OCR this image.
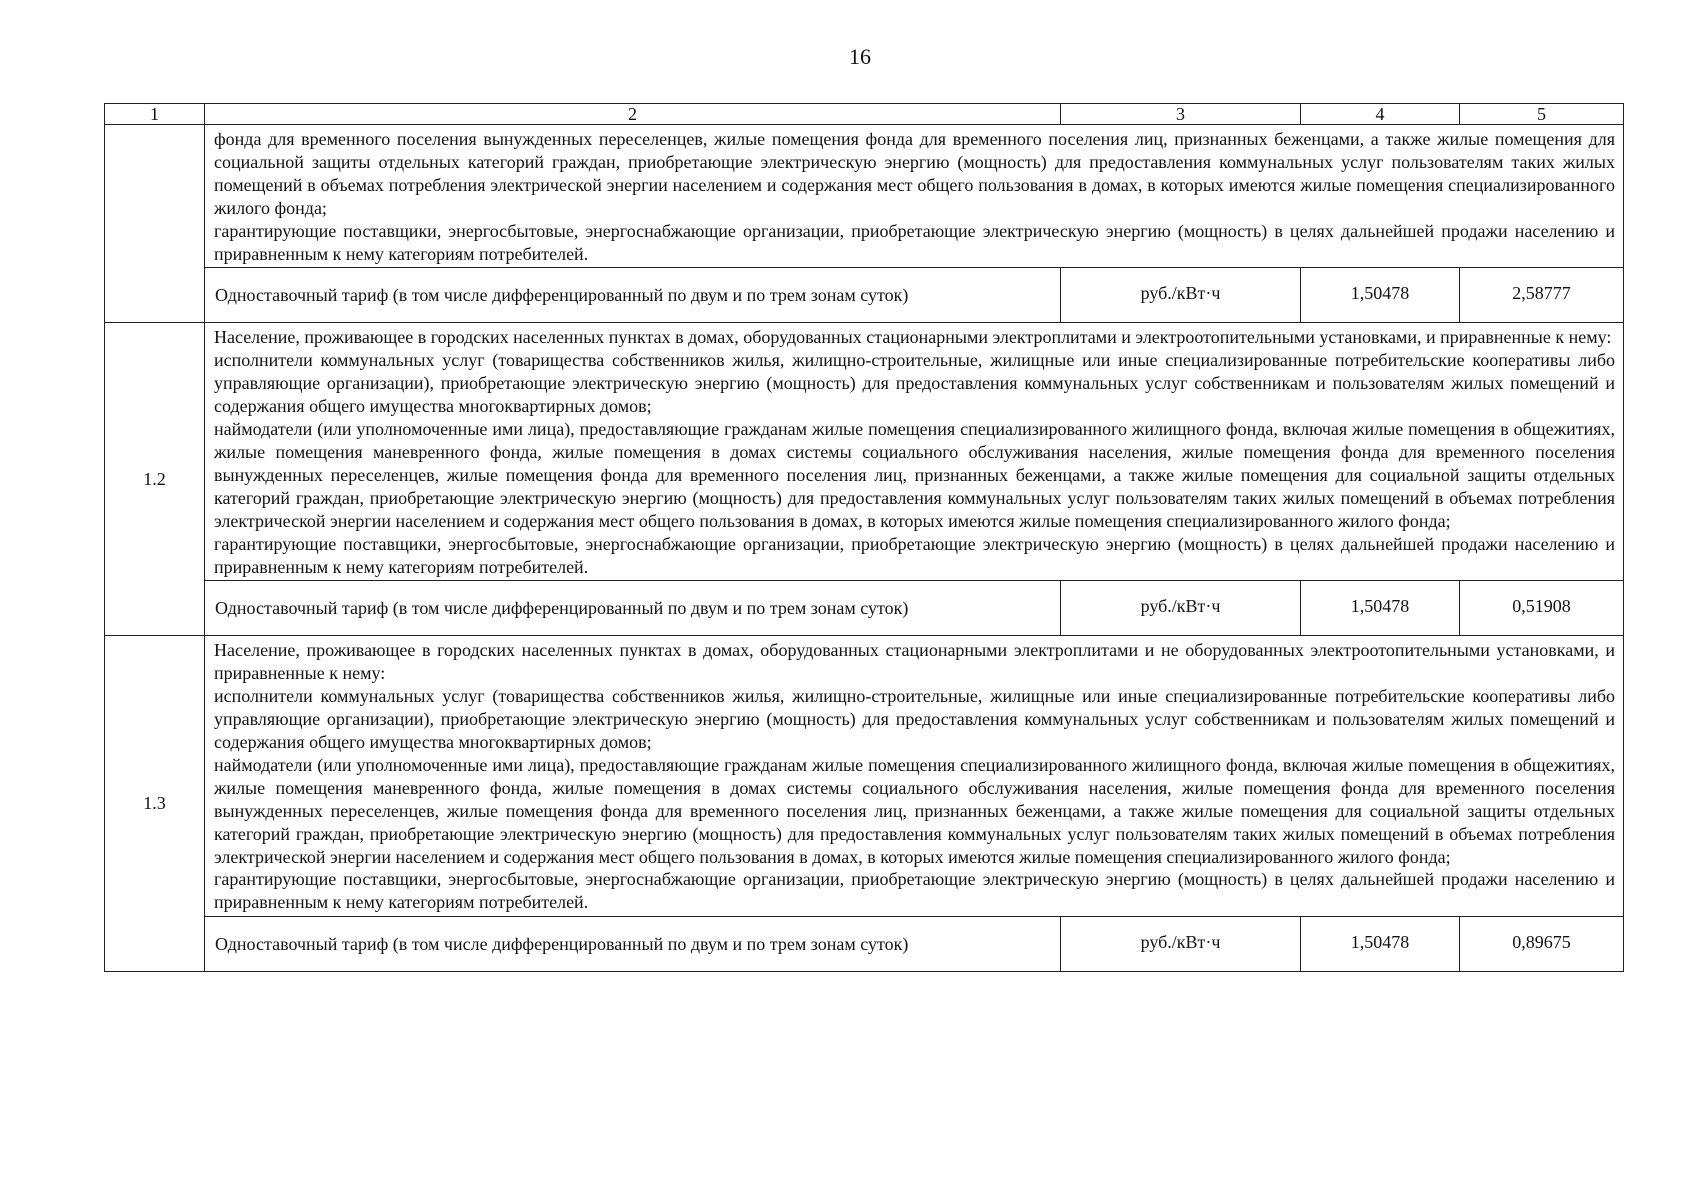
16
1	2	3	4	5

	фонда для временного поселения вынужденных переселенцев, жилые помещения фонда для временного поселения лиц, признанных беженцами, а также жилые помещения для социальной защиты отдельных категорий граждан, приобретающие электрическую энергию (мощность) для предоставления коммунальных услуг пользователям таких жилых помещений в объемах потребления электрической энергии населением и содержания мест общего пользования в домах, в которых имеются жилые помещения специализированного жилого фонда;

гарантирующие поставщики, энергосбытовые, энергоснабжающие организации, приобретающие электрическую энергию (мощность) в целях дальнейшей продажи населению и приравненным к нему категориям потребителей.			

	Одноставочный тариф (в том числе дифференцированный по двум и по трем зонам суток)	руб./кВт·ч	1,50478	2,58777
1.2	Население, проживающее в городских населенных пунктах в домах, оборудованных стационарными электроплитами и электроотопительными установками, и приравненные к нему:

исполнители коммунальных услуг (товарищества собственников жилья, жилищно-строительные, жилищные или иные специализированные потребительские кооперативы либо управляющие организации), приобретающие электрическую энергию (мощность) для предоставления коммунальных услуг собственникам и пользователям жилых помещений и содержания общего имущества многоквартирных домов;

наймодатели (или уполномоченные ими лица), предоставляющие гражданам жилые помещения специализированного жилищного фонда, включая жилые помещения в общежитиях, жилые помещения маневренного фонда, жилые помещения в домах системы социального обслуживания населения, жилые помещения фонда для временного поселения вынужденных переселенцев, жилые помещения фонда для временного поселения лиц, признанных беженцами, а также жилые помещения для социальной защиты отдельных категорий граждан, приобретающие электрическую энергию (мощность) для предоставления коммунальных услуг пользователям таких жилых помещений в объемах потребления электрической энергии населением и содержания мест общего пользования в домах, в которых имеются жилые помещения специализированного жилого фонда;

гарантирующие поставщики, энергосбытовые, энергоснабжающие организации, приобретающие электрическую энергию (мощность) в целях дальнейшей продажи населению и приравненным к нему категориям потребителей.			

	Одноставочный тариф (в том числе дифференцированный по двум и по трем зонам суток)	руб./кВт·ч	1,50478	0,51908
1.3	Население, проживающее в городских населенных пунктах в домах, оборудованных стационарными электроплитами и не оборудованных электроотопительными установками, и приравненные к нему:

исполнители коммунальных услуг (товарищества собственников жилья, жилищно-строительные, жилищные или иные специализированные потребительские кооперативы либо управляющие организации), приобретающие электрическую энергию (мощность) для предоставления коммунальных услуг собственникам и пользователям жилых помещений и содержания общего имущества многоквартирных домов;

наймодатели (или уполномоченные ими лица), предоставляющие гражданам жилые помещения специализированного жилищного фонда, включая жилые помещения в общежитиях, жилые помещения маневренного фонда, жилые помещения в домах системы социального обслуживания населения, жилые помещения фонда для временного поселения вынужденных переселенцев, жилые помещения фонда для временного поселения лиц, признанных беженцами, а также жилые помещения для социальной защиты отдельных категорий граждан, приобретающие электрическую энергию (мощность) для предоставления коммунальных услуг пользователям таких жилых помещений в объемах потребления электрической энергии населением и содержания мест общего пользования в домах, в которых имеются жилые помещения специализированного жилого фонда;

гарантирующие поставщики, энергосбытовые, энергоснабжающие организации, приобретающие электрическую энергию (мощность) в целях дальнейшей продажи населению и приравненным к нему категориям потребителей.			

	Одноставочный тариф (в том числе дифференцированный по двум и по трем зонам суток)	руб./кВт·ч	1,50478	0,89675
